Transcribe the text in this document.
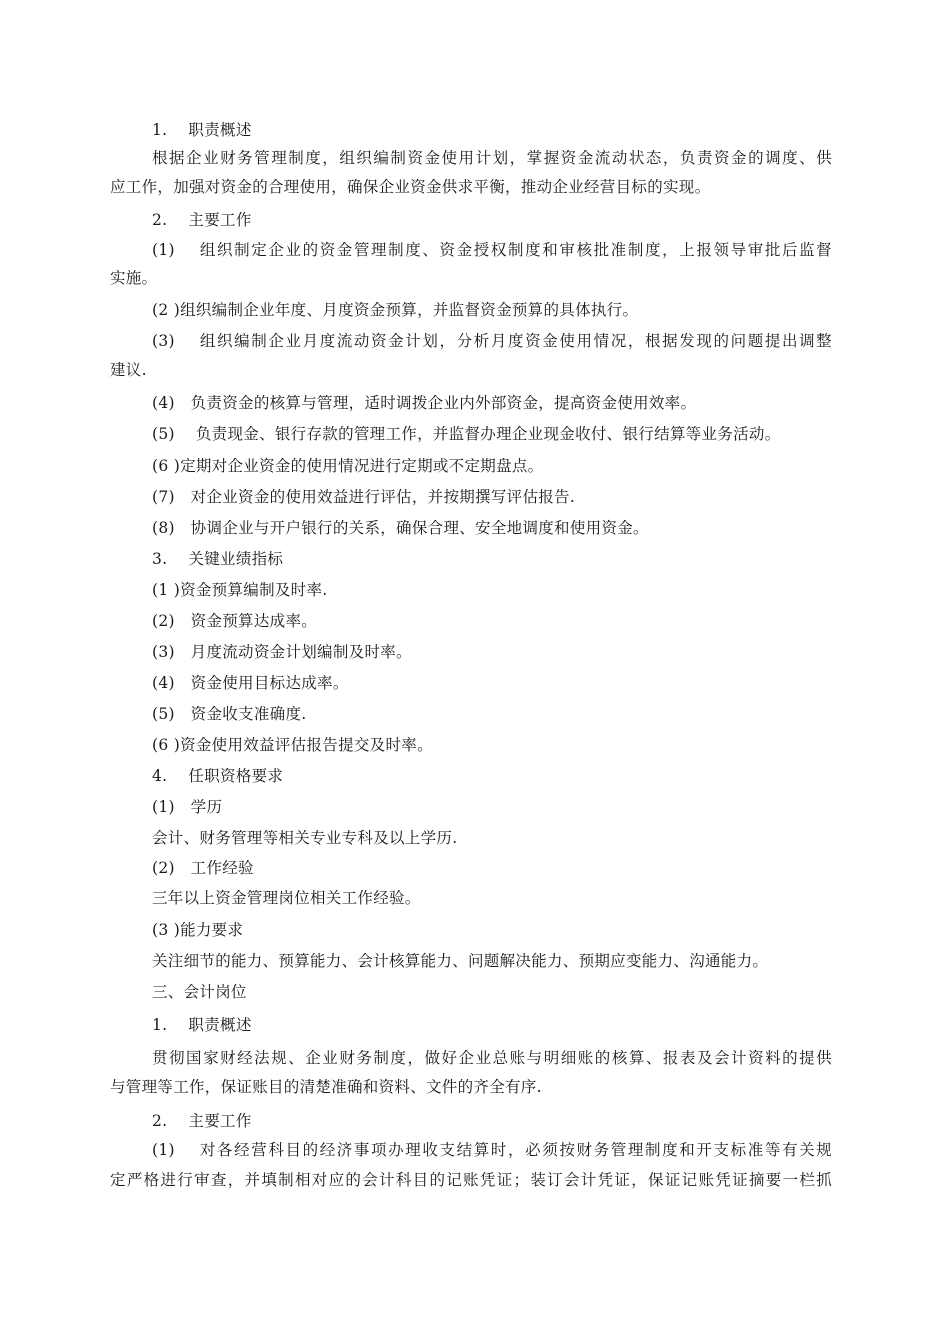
1.　 职责概述
根据企业财务管理制度，组织编制资金使用计划，掌握资金流动状态，负责资金的调度、供
应工作，加强对资金的合理使用，确保企业资金供求平衡，推动企业经营目标的实现。
2.　 主要工作
(1)　 组织制定企业的资金管理制度、资金授权制度和审核批准制度，上报领导审批后监督
实施。
(2 )组织编制企业年度、月度资金预算，并监督资金预算的具体执行。
(3)　 组织编制企业月度流动资金计划，分析月度资金使用情况，根据发现的问题提出调整
建议.
(4)　负责资金的核算与管理，适时调拨企业内外部资金，提高资金使用效率。
(5)　 负责现金、银行存款的管理工作，并监督办理企业现金收付、银行结算等业务活动。
(6 )定期对企业资金的使用情况进行定期或不定期盘点。
(7)　对企业资金的使用效益进行评估，并按期撰写评估报告.
(8)　协调企业与开户银行的关系，确保合理、安全地调度和使用资金。
3.　 关键业绩指标
(1 )资金预算编制及时率.
(2)　资金预算达成率。
(3)　月度流动资金计划编制及时率。
(4)　资金使用目标达成率。
(5)　资金收支准确度.
(6 )资金使用效益评估报告提交及时率。
4.　 任职资格要求
(1)　学历
会计、财务管理等相关专业专科及以上学历.
(2)　工作经验
三年以上资金管理岗位相关工作经验。
(3 )能力要求
关注细节的能力、预算能力、会计核算能力、问题解决能力、预期应变能力、沟通能力。
三、会计岗位
1.　 职责概述
贯彻国家财经法规、企业财务制度，做好企业总账与明细账的核算、报表及会计资料的提供
与管理等工作，保证账目的清楚准确和资料、文件的齐全有序.
2.　 主要工作
(1)　 对各经营科目的经济事项办理收支结算时，必须按财务管理制度和开支标准等有关规
定严格进行审查，并填制相对应的会计科目的记账凭证；装订会计凭证，保证记账凭证摘要一栏抓
